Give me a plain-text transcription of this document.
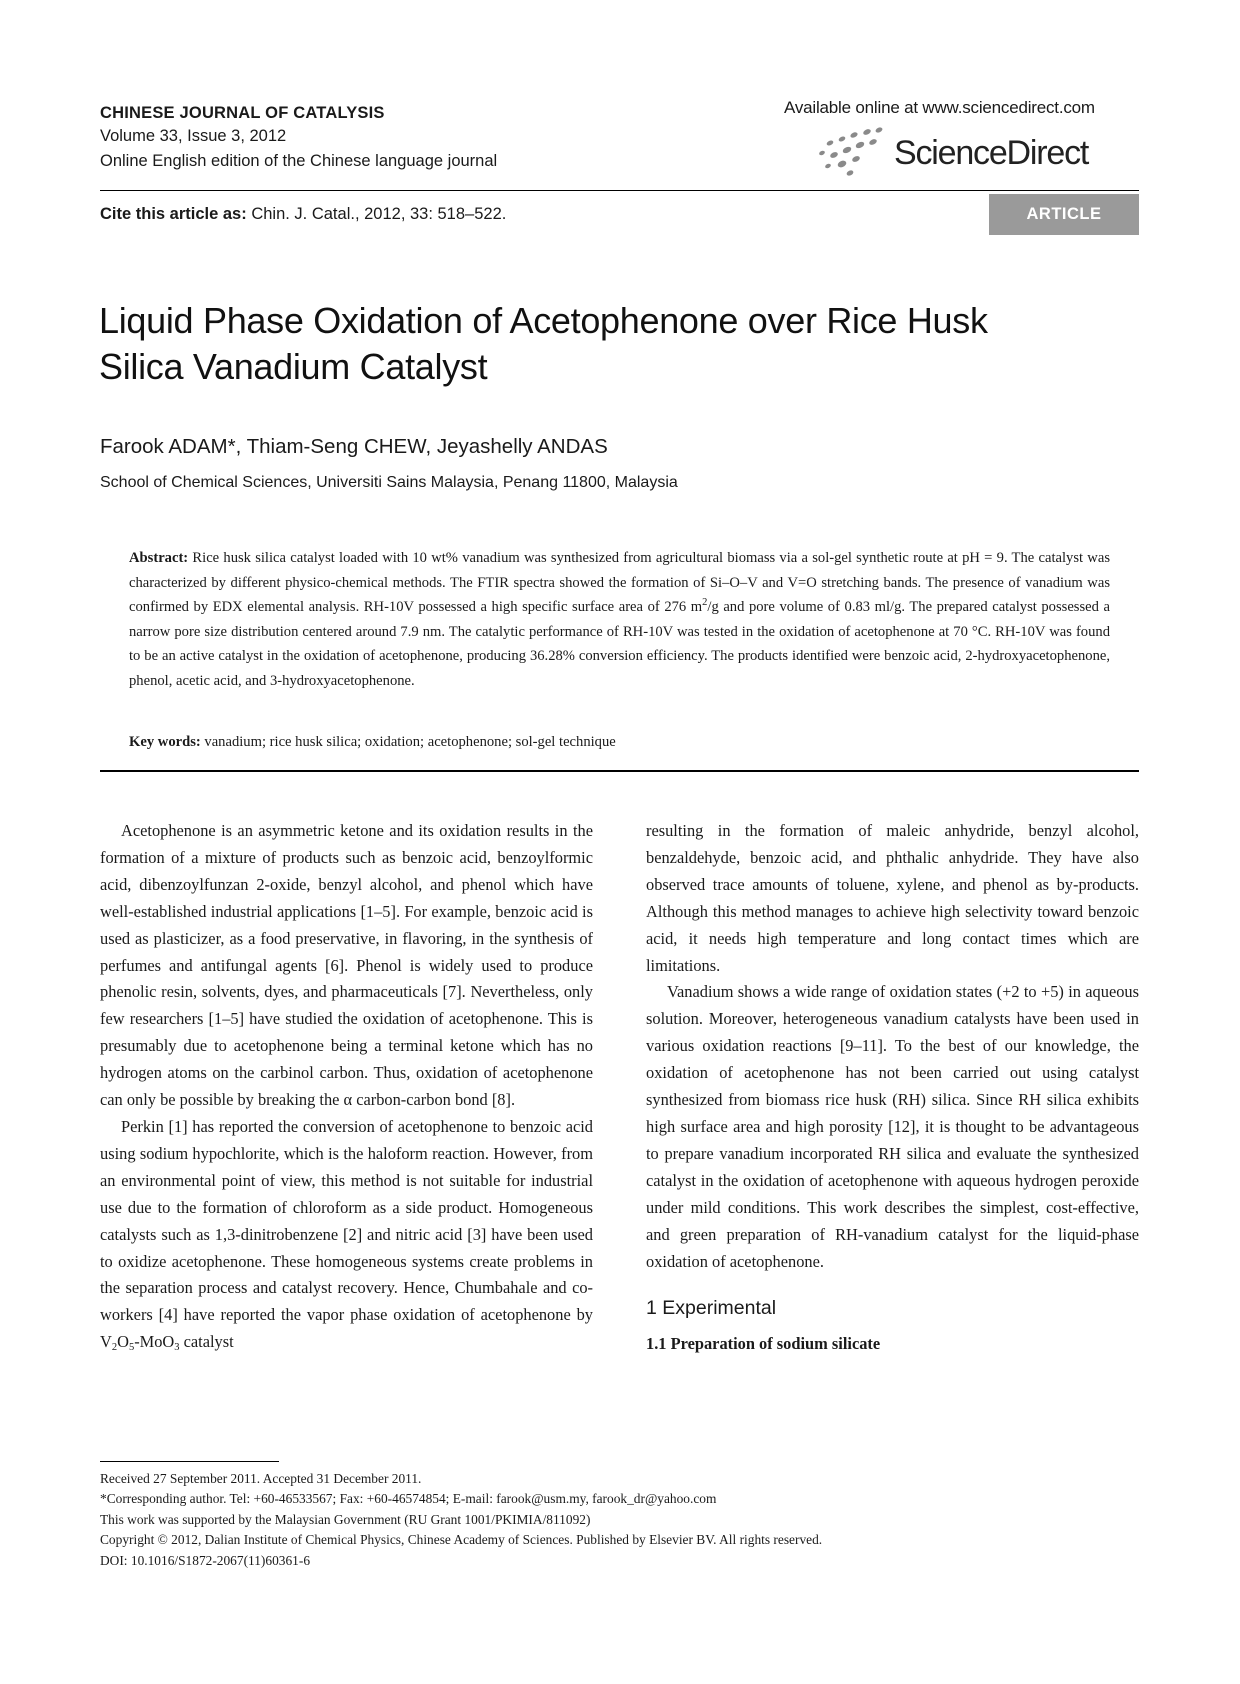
CHINESE JOURNAL OF CATALYSIS
Volume 33, Issue 3, 2012
Online English edition of the Chinese language journal
Available online at www.sciencedirect.com
ScienceDirect
Cite this article as: Chin. J. Catal., 2012, 33: 518–522.	ARTICLE
Liquid Phase Oxidation of Acetophenone over Rice Husk
Silica Vanadium Catalyst
Farook ADAM*, Thiam-Seng CHEW, Jeyashelly ANDAS
School of Chemical Sciences, Universiti Sains Malaysia, Penang 11800, Malaysia
Abstract: Rice husk silica catalyst loaded with 10 wt% vanadium was synthesized from agricultural biomass via a sol-gel synthetic route at pH = 9. The catalyst was characterized by different physico-chemical methods. The FTIR spectra showed the formation of Si–O–V and V=O stretching bands. The presence of vanadium was confirmed by EDX elemental analysis. RH-10V possessed a high specific surface area of 276 $m^2/g$ and pore volume of 0.83 ml/g. The prepared catalyst possessed a narrow pore size distribution centered around 7.9 nm. The catalytic performance of RH-10V was tested in the oxidation of acetophenone at 70 °C. RH-10V was found to be an active catalyst in the oxidation of acetophenone, producing 36.28% conversion efficiency. The products identified were benzoic acid, 2-hydroxyacetophenone, phenol, acetic acid, and 3-hydroxyacetophenone.
Key words: vanadium; rice husk silica; oxidation; acetophenone; sol-gel technique

Acetophenone is an asymmetric ketone and its oxidation results in the formation of a mixture of products such as benzoic acid, benzoylformic acid, dibenzoylfunzan 2-oxide, benzyl alcohol, and phenol which have well-established industrial applications [1–5]. For example, benzoic acid is used as plasticizer, as a food preservative, in flavoring, in the synthesis of perfumes and antifungal agents [6]. Phenol is widely used to produce phenolic resin, solvents, dyes, and pharmaceuticals [7]. Nevertheless, only few researchers [1–5] have studied the oxidation of acetophenone. This is presumably due to acetophenone being a terminal ketone which has no hydrogen atoms on the carbinol carbon. Thus, oxidation of acetophenone can only be possible by breaking the α carbon-carbon bond [8].

Perkin [1] has reported the conversion of acetophenone to benzoic acid using sodium hypochlorite, which is the haloform reaction. However, from an environmental point of view, this method is not suitable for industrial use due to the formation of chloroform as a side product. Homogeneous catalysts such as 1,3-dinitrobenzene [2] and nitric acid [3] have been used to oxidize acetophenone. These homogeneous systems create problems in the separation process and catalyst recovery. Hence, Chumbahale and co-workers [4] have reported the vapor phase oxidation of acetophenone by $V_2O_5-MoO_3$ catalyst

resulting in the formation of maleic anhydride, benzyl alcohol, benzaldehyde, benzoic acid, and phthalic anhydride. They have also observed trace amounts of toluene, xylene, and phenol as by-products. Although this method manages to achieve high selectivity toward benzoic acid, it needs high temperature and long contact times which are limitations.

Vanadium shows a wide range of oxidation states (+2 to +5) in aqueous solution. Moreover, heterogeneous vanadium catalysts have been used in various oxidation reactions [9–11]. To the best of our knowledge, the oxidation of acetophenone has not been carried out using catalyst synthesized from biomass rice husk (RH) silica. Since RH silica exhibits high surface area and high porosity [12], it is thought to be advantageous to prepare vanadium incorporated RH silica and evaluate the synthesized catalyst in the oxidation of acetophenone with aqueous hydrogen peroxide under mild conditions. This work describes the simplest, cost-effective, and green preparation of RH-vanadium catalyst for the liquid-phase oxidation of acetophenone.

1 Experimental
1.1 Preparation of sodium silicate
Received 27 September 2011. Accepted 31 December 2011.
*Corresponding author. Tel: +60-46533567; Fax: +60-46574854; E-mail: farook@usm.my, farook_dr@yahoo.com
This work was supported by the Malaysian Government (RU Grant 1001/PKIMIA/811092)
Copyright © 2012, Dalian Institute of Chemical Physics, Chinese Academy of Sciences. Published by Elsevier BV. All rights reserved.
DOI: 10.1016/S1872-2067(11)60361-6
